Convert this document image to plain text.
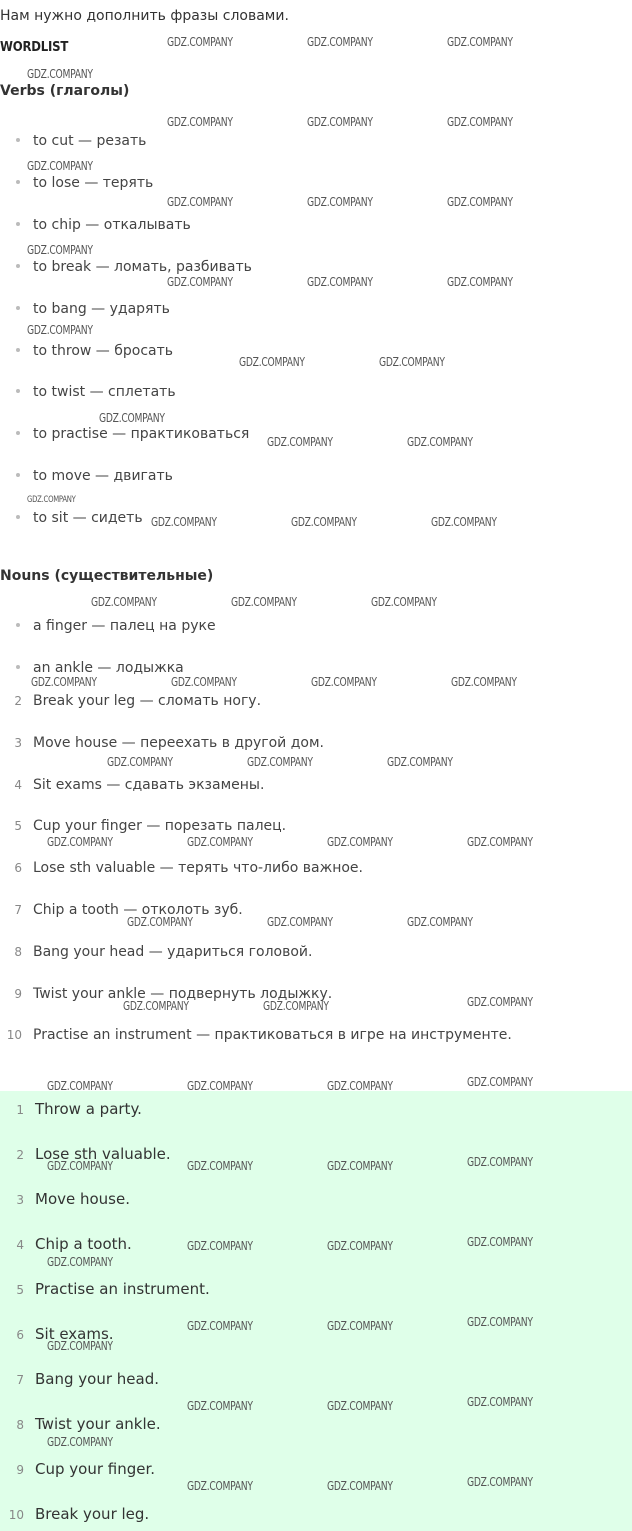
Нам нужно дополнить фразы словами.
WORDLIST
Verbs (глаголы)
to cut — резать
to lose — терять
to chip — откалывать
to break — ломать, разбивать
to bang — ударять
to throw — бросать
to twist — сплетать
to practise — практиковаться
to move — двигать
to sit — сидеть
Nouns (существительные)
a finger — палец на руке
an ankle — лодыжка
2 Break your leg — сломать ногу.
3 Move house — переехать в другой дом.
4 Sit exams — сдавать экзамены.
5 Cup your finger — порезать палец.
6 Lose sth valuable — терять что-либо важное.
7 Chip a tooth — отколоть зуб.
8 Bang your head — удариться головой.
9 Twist your ankle — подвернуть лодыжку.
10 Practise an instrument — практиковаться в игре на инструменте.
1 Throw a party.
2 Lose sth valuable.
3 Move house.
4 Chip a tooth.
5 Practise an instrument.
6 Sit exams.
7 Bang your head.
8 Twist your ankle.
9 Cup your finger.
10 Break your leg.
GDZ.COMPANY	GDZ.COMPANY	GDZ.COMPANY
GDZ.COMPANY
GDZ.COMPANY	GDZ.COMPANY	GDZ.COMPANY
GDZ.COMPANY
GDZ.COMPANY	GDZ.COMPANY	GDZ.COMPANY
GDZ.COMPANY
GDZ.COMPANY	GDZ.COMPANY	GDZ.COMPANY
GDZ.COMPANY
GDZ.COMPANY	GDZ.COMPANY
GDZ.COMPANY
GDZ.COMPANY	GDZ.COMPANY
GDZ.COMPANY
GDZ.COMPANY	GDZ.COMPANY	GDZ.COMPANY
GDZ.COMPANY	GDZ.COMPANY	GDZ.COMPANY
GDZ.COMPANY	GDZ.COMPANY	GDZ.COMPANY	GDZ.COMPANY
GDZ.COMPANY	GDZ.COMPANY	GDZ.COMPANY
GDZ.COMPANY	GDZ.COMPANY	GDZ.COMPANY	GDZ.COMPANY
GDZ.COMPANY	GDZ.COMPANY	GDZ.COMPANY
GDZ.COMPANY
GDZ.COMPANY	GDZ.COMPANY
GDZ.COMPANY	GDZ.COMPANY	GDZ.COMPANY	GDZ.COMPANY
GDZ.COMPANY	GDZ.COMPANY	GDZ.COMPANY	GDZ.COMPANY
GDZ.COMPANY	GDZ.COMPANY	GDZ.COMPANY
GDZ.COMPANY
GDZ.COMPANY	GDZ.COMPANY	GDZ.COMPANY
GDZ.COMPANY
GDZ.COMPANY	GDZ.COMPANY	GDZ.COMPANY
GDZ.COMPANY
GDZ.COMPANY	GDZ.COMPANY	GDZ.COMPANY
